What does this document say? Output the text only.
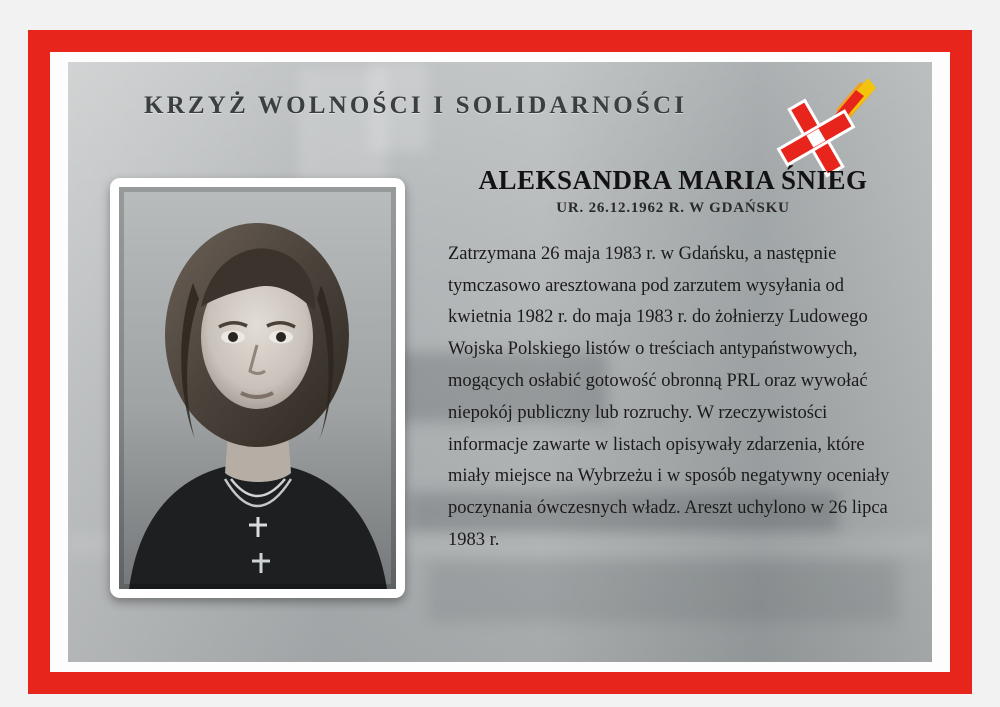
KRZYŻ WOLNOŚCI I SOLIDARNOŚCI
ALEKSANDRA MARIA ŚNIEG
UR. 26.12.1962 R. W GDAŃSKU

Zatrzymana 26 maja 1983 r. w Gdańsku, a następnie tymczasowo aresztowana pod zarzutem wysyłania od kwietnia 1982 r. do maja 1983 r. do żołnierzy Ludowego Wojska Polskiego listów o treściach antypaństwowych, mogących osłabić gotowość obronną PRL oraz wywołać niepokój publiczny lub rozruchy. W rzeczywistości informacje zawarte w listach opisywały zdarzenia, które miały miejsce na Wybrzeżu i w sposób negatywny oceniały poczynania ówczesnych władz. Areszt uchylono w 26 lipca 1983 r.
